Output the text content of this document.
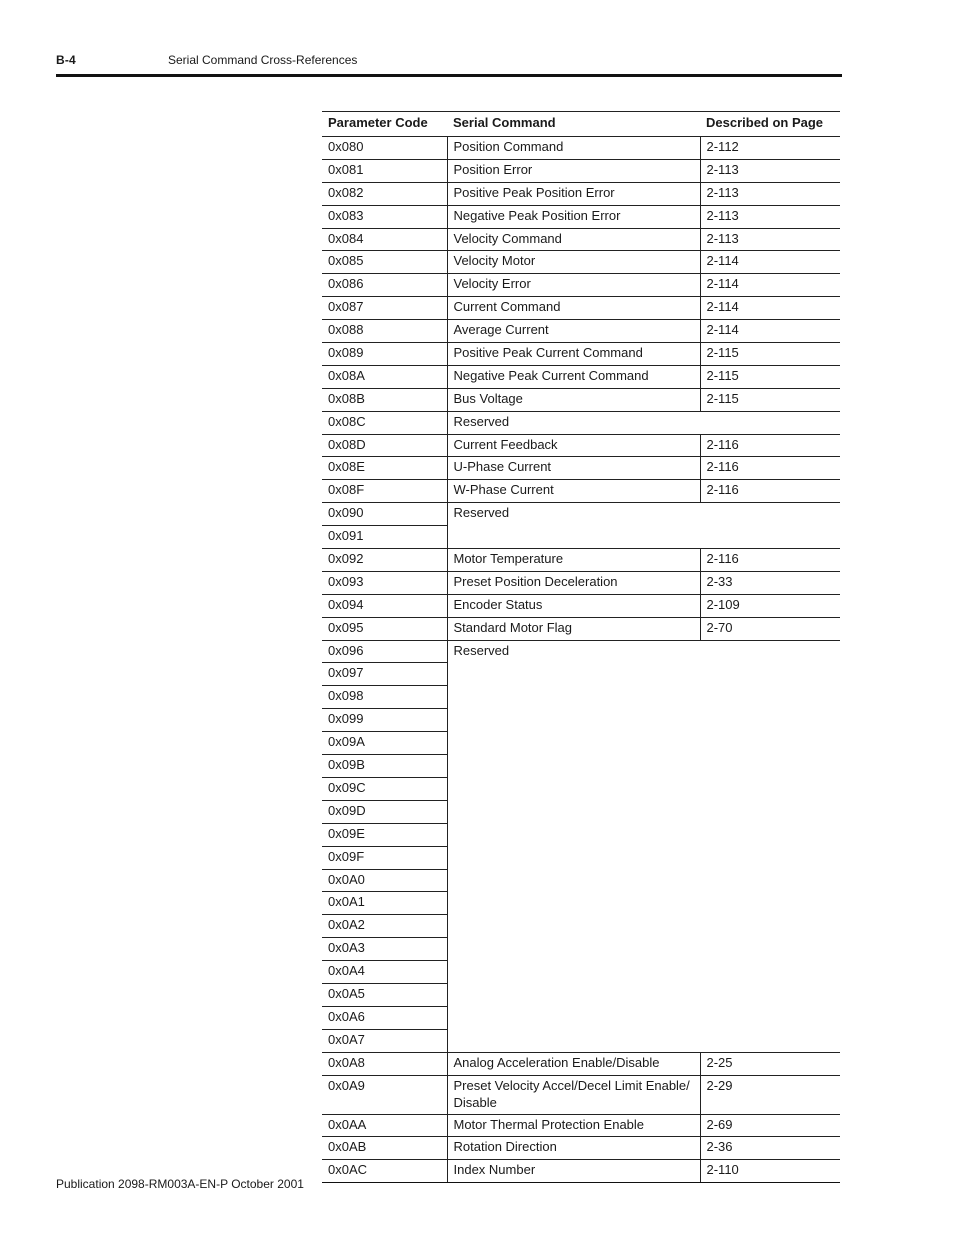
B-4	Serial Command Cross-References
Parameter Code	Serial Command	Described on Page
0x080	Position Command	2-112
0x081	Position Error	2-113
0x082	Positive Peak Position Error	2-113
0x083	Negative Peak Position Error	2-113
0x084	Velocity Command	2-113
0x085	Velocity Motor	2-114
0x086	Velocity Error	2-114
0x087	Current Command	2-114
0x088	Average Current	2-114
0x089	Positive Peak Current Command	2-115
0x08A	Negative Peak Current Command	2-115
0x08B	Bus Voltage	2-115
0x08C	Reserved	
0x08D	Current Feedback	2-116
0x08E	U-Phase Current	2-116
0x08F	W-Phase Current	2-116
0x090	Reserved	
0x091		
0x092	Motor Temperature	2-116
0x093	Preset Position Deceleration	2-33
0x094	Encoder Status	2-109
0x095	Standard Motor Flag	2-70
0x096	Reserved	
0x097		
0x098		
0x099		
0x09A		
0x09B		
0x09C		
0x09D		
0x09E		
0x09F		
0x0A0		
0x0A1		
0x0A2		
0x0A3		
0x0A4		
0x0A5		
0x0A6		
0x0A7		
0x0A8	Analog Acceleration Enable/Disable	2-25
0x0A9	Preset Velocity Accel/Decel Limit Enable/ Disable	2-29
0x0AA	Motor Thermal Protection Enable	2-69
0x0AB	Rotation Direction	2-36
0x0AC	Index Number	2-110
Publication 2098-RM003A-EN-P October 2001
